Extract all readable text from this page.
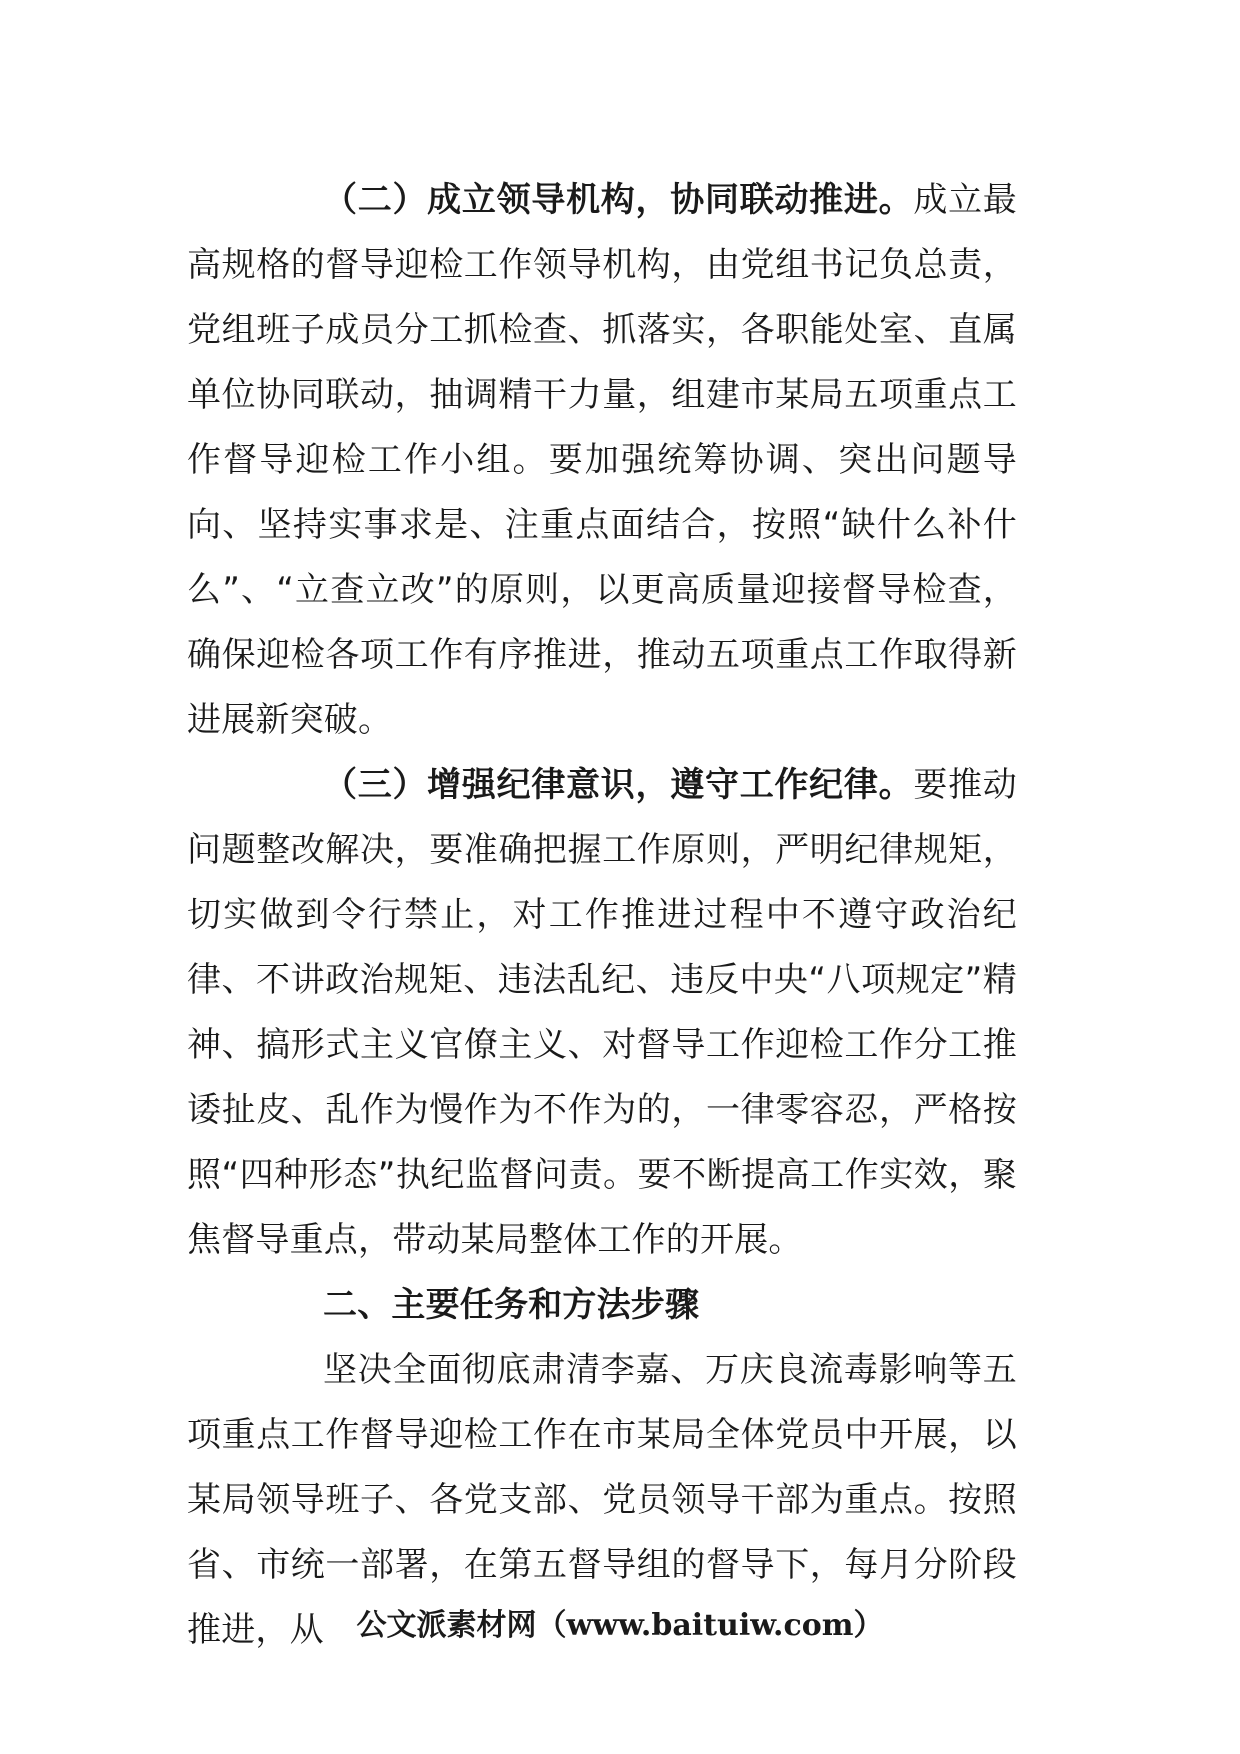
（二）成立领导机构，协同联动推进。成立最高规格的督导迎检工作领导机构，由党组书记负总责，党组班子成员分工抓检查、抓落实，各职能处室、直属单位协同联动，抽调精干力量，组建市某局五项重点工作督导迎检工作小组。要加强统筹协调、突出问题导向、坚持实事求是、注重点面结合，按照“缺什么补什么”、“立查立改”的原则，以更高质量迎接督导检查，确保迎检各项工作有序推进，推动五项重点工作取得新进展新突破。

（三）增强纪律意识，遵守工作纪律。要推动问题整改解决，要准确把握工作原则，严明纪律规矩，切实做到令行禁止，对工作推进过程中不遵守政治纪律、不讲政治规矩、违法乱纪、违反中央“八项规定”精神、搞形式主义官僚主义、对督导工作迎检工作分工推诿扯皮、乱作为慢作为不作为的，一律零容忍，严格按照“四种形态”执纪监督问责。要不断提高工作实效，聚焦督导重点，带动某局整体工作的开展。

二、主要任务和方法步骤

坚决全面彻底肃清李嘉、万庆良流毒影响等五项重点工作督导迎检工作在市某局全体党员中开展，以某局领导班子、各党支部、党员领导干部为重点。按照省、市统一部署，在第五督导组的督导下，每月分阶段推进，从	公文派素材网（www.baituiw.com）
